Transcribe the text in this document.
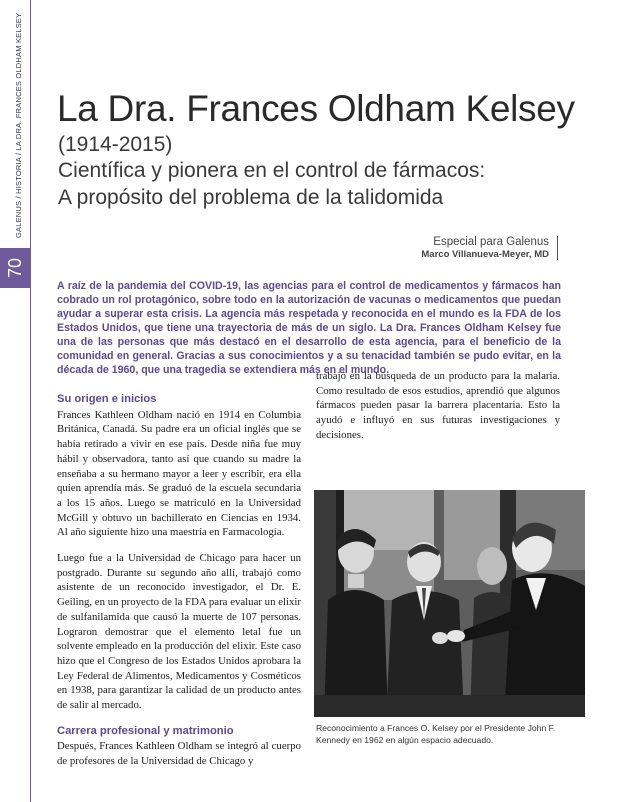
GALENUS / HISTORIA / LA DRA. FRANCES OLDHAM KELSEY
70
La Dra. Frances Oldham Kelsey
(1914-2015)
Científica y pionera en el control de fármacos:
A propósito del problema de la talidomida
Especial para Galenus
Marco Villanueva-Meyer, MD

A raíz de la pandemia del COVID-19, las agencias para el control de medicamentos y fármacos han cobrado un rol protagónico, sobre todo en la autorización de vacunas o medicamentos que puedan ayudar a superar esta crisis. La agencia más respetada y reconocida en el mundo es la FDA de los Estados Unidos, que tiene una trayectoria de más de un siglo. La Dra. Frances Oldham Kelsey fue una de las personas que más destacó en el desarrollo de esta agencia, para el beneficio de la comunidad en general. Gracias a sus conocimientos y a su tenacidad también se pudo evitar, en la década de 1960, que una tragedia se extendiera más en el mundo.

Su origen e inicios

Frances Kathleen Oldham nació en 1914 en Columbia Británica, Canadá. Su padre era un oficial inglés que se había retirado a vivir en ese país. Desde niña fue muy hábil y observadora, tanto así que cuando su madre la enseñaba a su hermano mayor a leer y escribir, era ella quien aprendía más. Se graduó de la escuela secundaria a los 15 años. Luego se matriculó en la Universidad McGill y obtuvo un bachillerato en Ciencias en 1934. Al año siguiente hizo una maestría en Farmacología.

Luego fue a la Universidad de Chicago para hacer un postgrado. Durante su segundo año allí, trabajó como asistente de un reconocido investigador, el Dr. E. Geiling, en un proyecto de la FDA para evaluar un elixir de sulfanilamida que causó la muerte de 107 personas. Lograron demostrar que el elemento letal fue un solvente empleado en la producción del elixir. Este caso hizo que el Congreso de los Estados Unidos aprobara la Ley Federal de Alimentos, Medicamentos y Cosméticos en 1938, para garantizar la calidad de un producto antes de salir al mercado.

Carrera profesional y matrimonio

Después, Frances Kathleen Oldham se integró al cuerpo de profesores de la Universidad de Chicago y

trabajó en la búsqueda de un producto para la malaria. Como resultado de esos estudios, aprendió que algunos fármacos pueden pasar la barrera placentaria. Esto la ayudó e influyó en sus futuras investigaciones y decisiones.

Reconocimiento a Frances O. Kelsey por el Presidente John F. Kennedy en 1962 en algún espacio adecuado.
